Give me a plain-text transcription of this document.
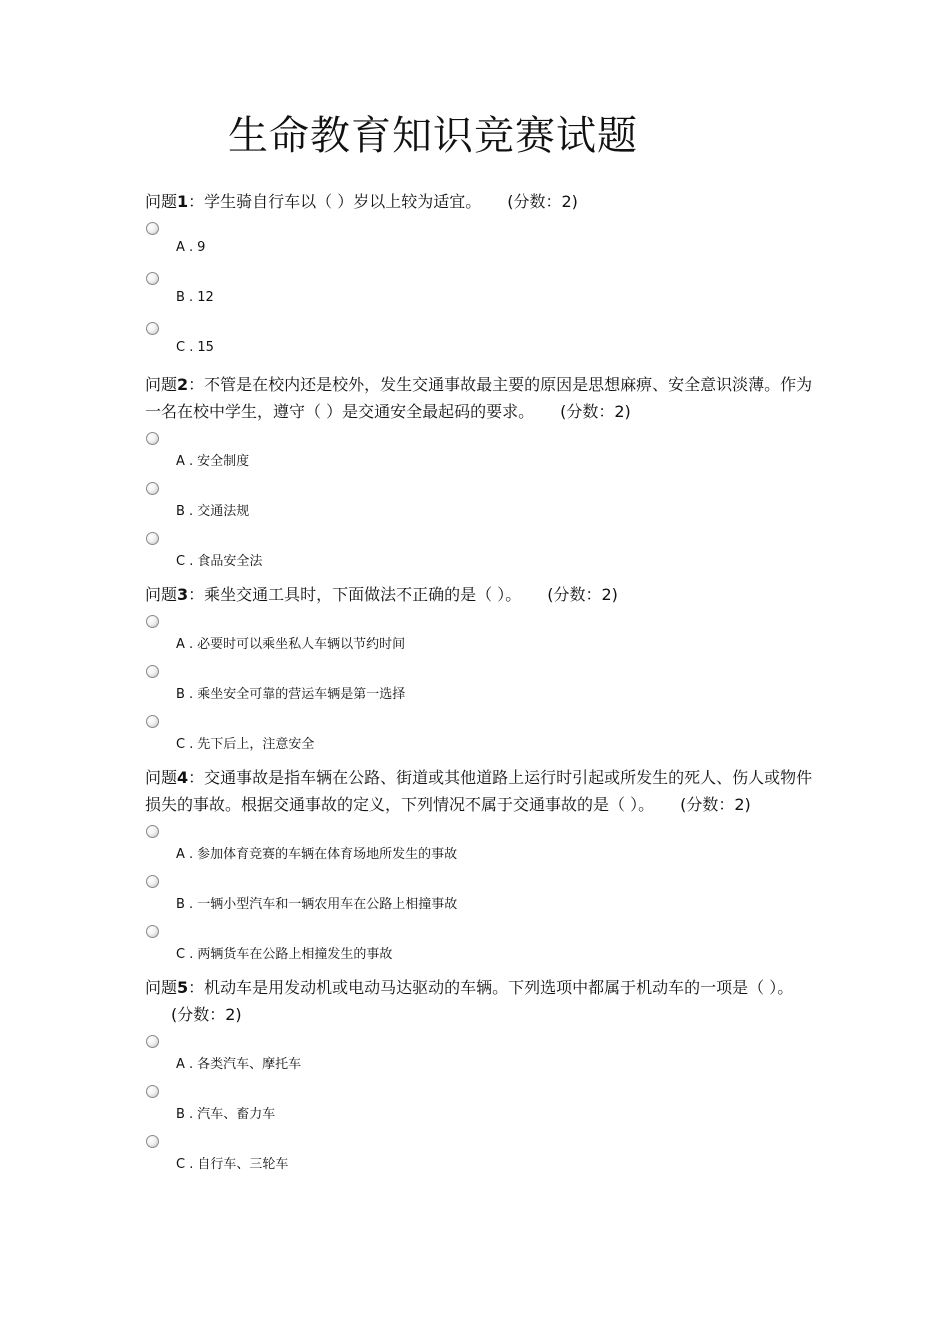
生命教育知识竞赛试题

问题1：学生骑自行车以（ ）岁以上较为适宜。 (分数：2)

A . 9
B . 12
C . 15

问题2：不管是在校内还是校外，发生交通事故最主要的原因是思想麻痹、安全意识淡薄。作为一名在校中学生，遵守（ ）是交通安全最起码的要求。 (分数：2)

A . 安全制度
B . 交通法规
C . 食品安全法

问题3：乘坐交通工具时，下面做法不正确的是（ ）。 (分数：2)

A . 必要时可以乘坐私人车辆以节约时间
B . 乘坐安全可靠的营运车辆是第一选择
C . 先下后上，注意安全

问题4：交通事故是指车辆在公路、街道或其他道路上运行时引起或所发生的死人、伤人或物件损失的事故。根据交通事故的定义，下列情况不属于交通事故的是（ ）。 (分数：2)

A . 参加体育竞赛的车辆在体育场地所发生的事故
B . 一辆小型汽车和一辆农用车在公路上相撞事故
C . 两辆货车在公路上相撞发生的事故

问题5：机动车是用发动机或电动马达驱动的车辆。下列选项中都属于机动车的一项是（ ）。(分数：2)

A . 各类汽车、摩托车
B . 汽车、畜力车
C . 自行车、三轮车
